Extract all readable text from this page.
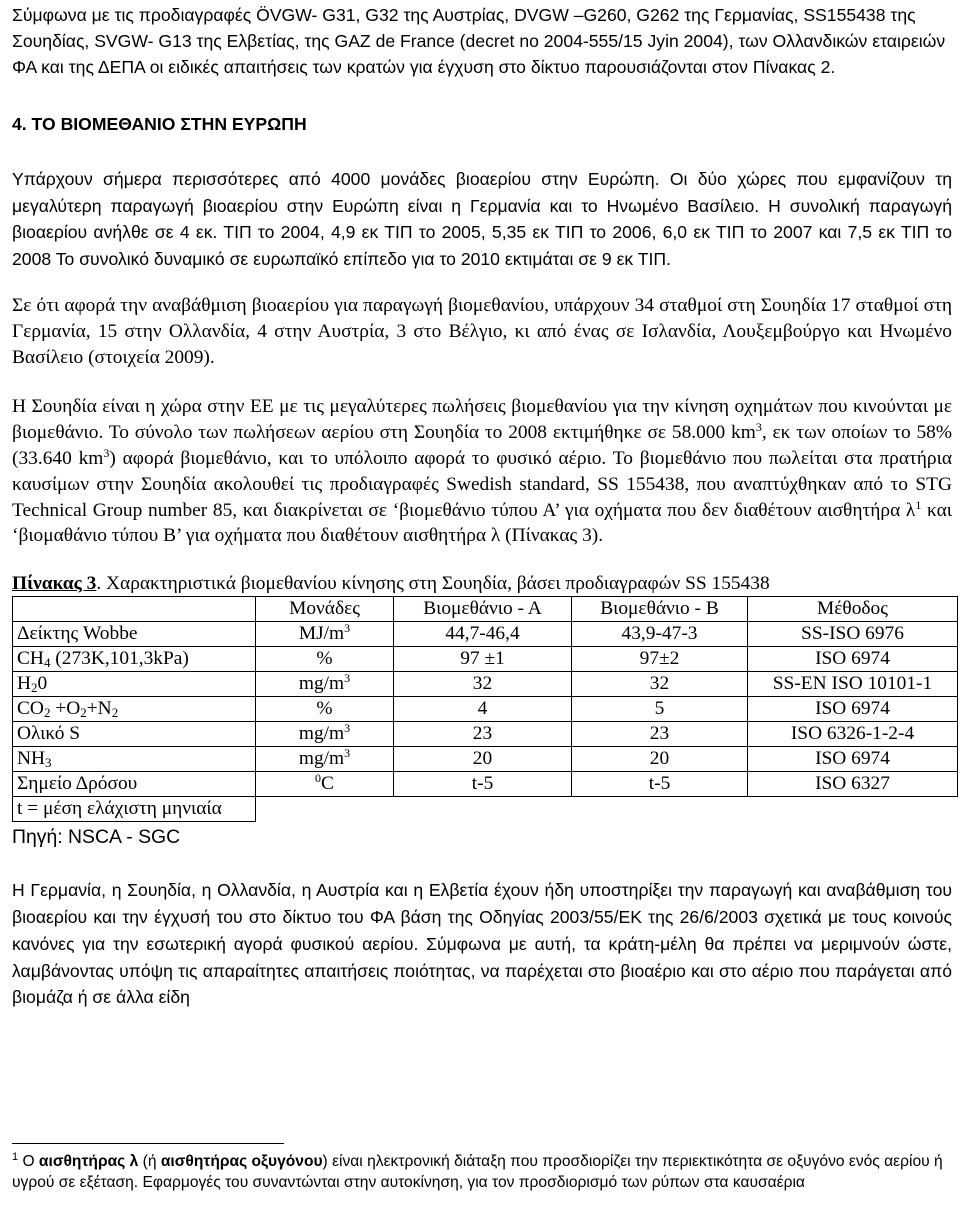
Σύμφωνα με τις προδιαγραφές ÖVGW- G31, G32 της Αυστρίας, DVGW –G260, G262 της Γερμανίας, SS155438 της Σουηδίας, SVGW- G13 της Ελβετίας, της GAZ de France (decret no 2004-555/15 Jyin 2004), των Ολλανδικών εταιρειών ΦΑ και της ΔΕΠΑ οι ειδικές απαιτήσεις των κρατών για έγχυση στο δίκτυο παρουσιάζονται στον Πίνακας 2.

4. ΤΟ ΒΙΟΜΕΘΑΝΙΟ ΣΤΗΝ ΕΥΡΩΠΗ

Υπάρχουν σήμερα περισσότερες από 4000 μονάδες βιοαερίου στην Ευρώπη. Οι δύο χώρες που εμφανίζουν τη μεγαλύτερη παραγωγή βιοαερίου στην Ευρώπη είναι η Γερμανία και το Ηνωμένο Βασίλειο. Η συνολική παραγωγή βιοαερίου ανήλθε σε 4 εκ. ΤΙΠ το 2004, 4,9 εκ ΤΙΠ το 2005, 5,35 εκ ΤΙΠ το 2006, 6,0 εκ ΤΙΠ το 2007 και 7,5 εκ ΤΙΠ το 2008 Το συνολικό δυναμικό σε ευρωπαϊκό επίπεδο για το 2010 εκτιμάται σε 9 εκ ΤΙΠ.

Σε ότι αφορά την αναβάθμιση βιοαερίου για παραγωγή βιομεθανίου, υπάρχουν 34 σταθμοί στη Σουηδία 17 σταθμοί στη Γερμανία, 15 στην Ολλανδία, 4 στην Αυστρία, 3 στο Βέλγιο, κι από ένας σε Ισλανδία, Λουξεμβούργο και Ηνωμένο Βασίλειο (στοιχεία 2009).

Η Σουηδία είναι η χώρα στην ΕΕ με τις μεγαλύτερες πωλήσεις βιομεθανίου για την κίνηση οχημάτων που κινούνται με βιομεθάνιο. Το σύνολο των πωλήσεων αερίου στη Σουηδία το 2008 εκτιμήθηκε σε 58.000 $km^3$, εκ των οποίων το 58% (33.640 $km^3$) αφορά βιομεθάνιο, και το υπόλοιπο αφορά το φυσικό αέριο. Το βιομεθάνιο που πωλείται στα πρατήρια καυσίμων στην Σουηδία ακολουθεί τις προδιαγραφές Swedish standard, SS 155438, που αναπτύχθηκαν από το STG Technical Group number 85, και διακρίνεται σε ‘βιομεθάνιο τύπου Α’ για οχήματα που δεν διαθέτουν αισθητήρα $\lambda^1$ και ‘βιομαθάνιο τύπου Β’ για οχήματα που διαθέτουν αισθητήρα λ (Πίνακας 3).

Πίνακας 3. Χαρακτηριστικά βιομεθανίου κίνησης στη Σουηδία, βάσει προδιαγραφών SS 155438

	Μονάδες	Βιομεθάνιο - Α	Βιομεθάνιο - Β	Μέθοδος
Δείκτης Wobbe	$MJ/m^3$	44,7-46,4	43,9-47-3	SS-ISO 6976
$CH_4$ (273K,101,3kPa)	%	97 ±1	97±2	ISO 6974
$H_20$	$mg/m^3$	32	32	SS-EN ISO 10101-1
$CO_2 +O_2+N_2$	%	4	5	ISO 6974
Ολικό S	$mg/m^3$	23	23	ISO 6326-1-2-4
$NH_3$	$mg/m^3$	20	20	ISO 6974
Σημείο Δρόσου	$^0$C	t-5	t-5	ISO 6327
t = μέση ελάχιστη μηνιαία				

Πηγή: NSCA - SGC

Η Γερμανία, η Σουηδία, η Ολλανδία, η Αυστρία και η Ελβετία έχουν ήδη υποστηρίξει την παραγωγή και αναβάθμιση του βιοαερίου και την έγχυσή του στο δίκτυο του ΦΑ βάση της Οδηγίας 2003/55/ΕΚ της 26/6/2003 σχετικά με τους κοινούς κανόνες για την εσωτερική αγορά φυσικού αερίου. Σύμφωνα με αυτή, τα κράτη-μέλη θα πρέπει να μεριμνούν ώστε, λαμβάνοντας υπόψη τις απαραίτητες απαιτήσεις ποιότητας, να παρέχεται στο βιοαέριο και στο αέριο που παράγεται από βιομάζα ή σε άλλα είδη

$^1$ Ο αισθητήρας λ (ή αισθητήρας οξυγόνου) είναι ηλεκτρονική διάταξη που προσδιορίζει την περιεκτικότητα σε οξυγόνο ενός αερίου ή υγρού σε εξέταση. Εφαρμογές του συναντώνται στην αυτοκίνηση, για τον προσδιορισμό των ρύπων στα καυσαέρια
